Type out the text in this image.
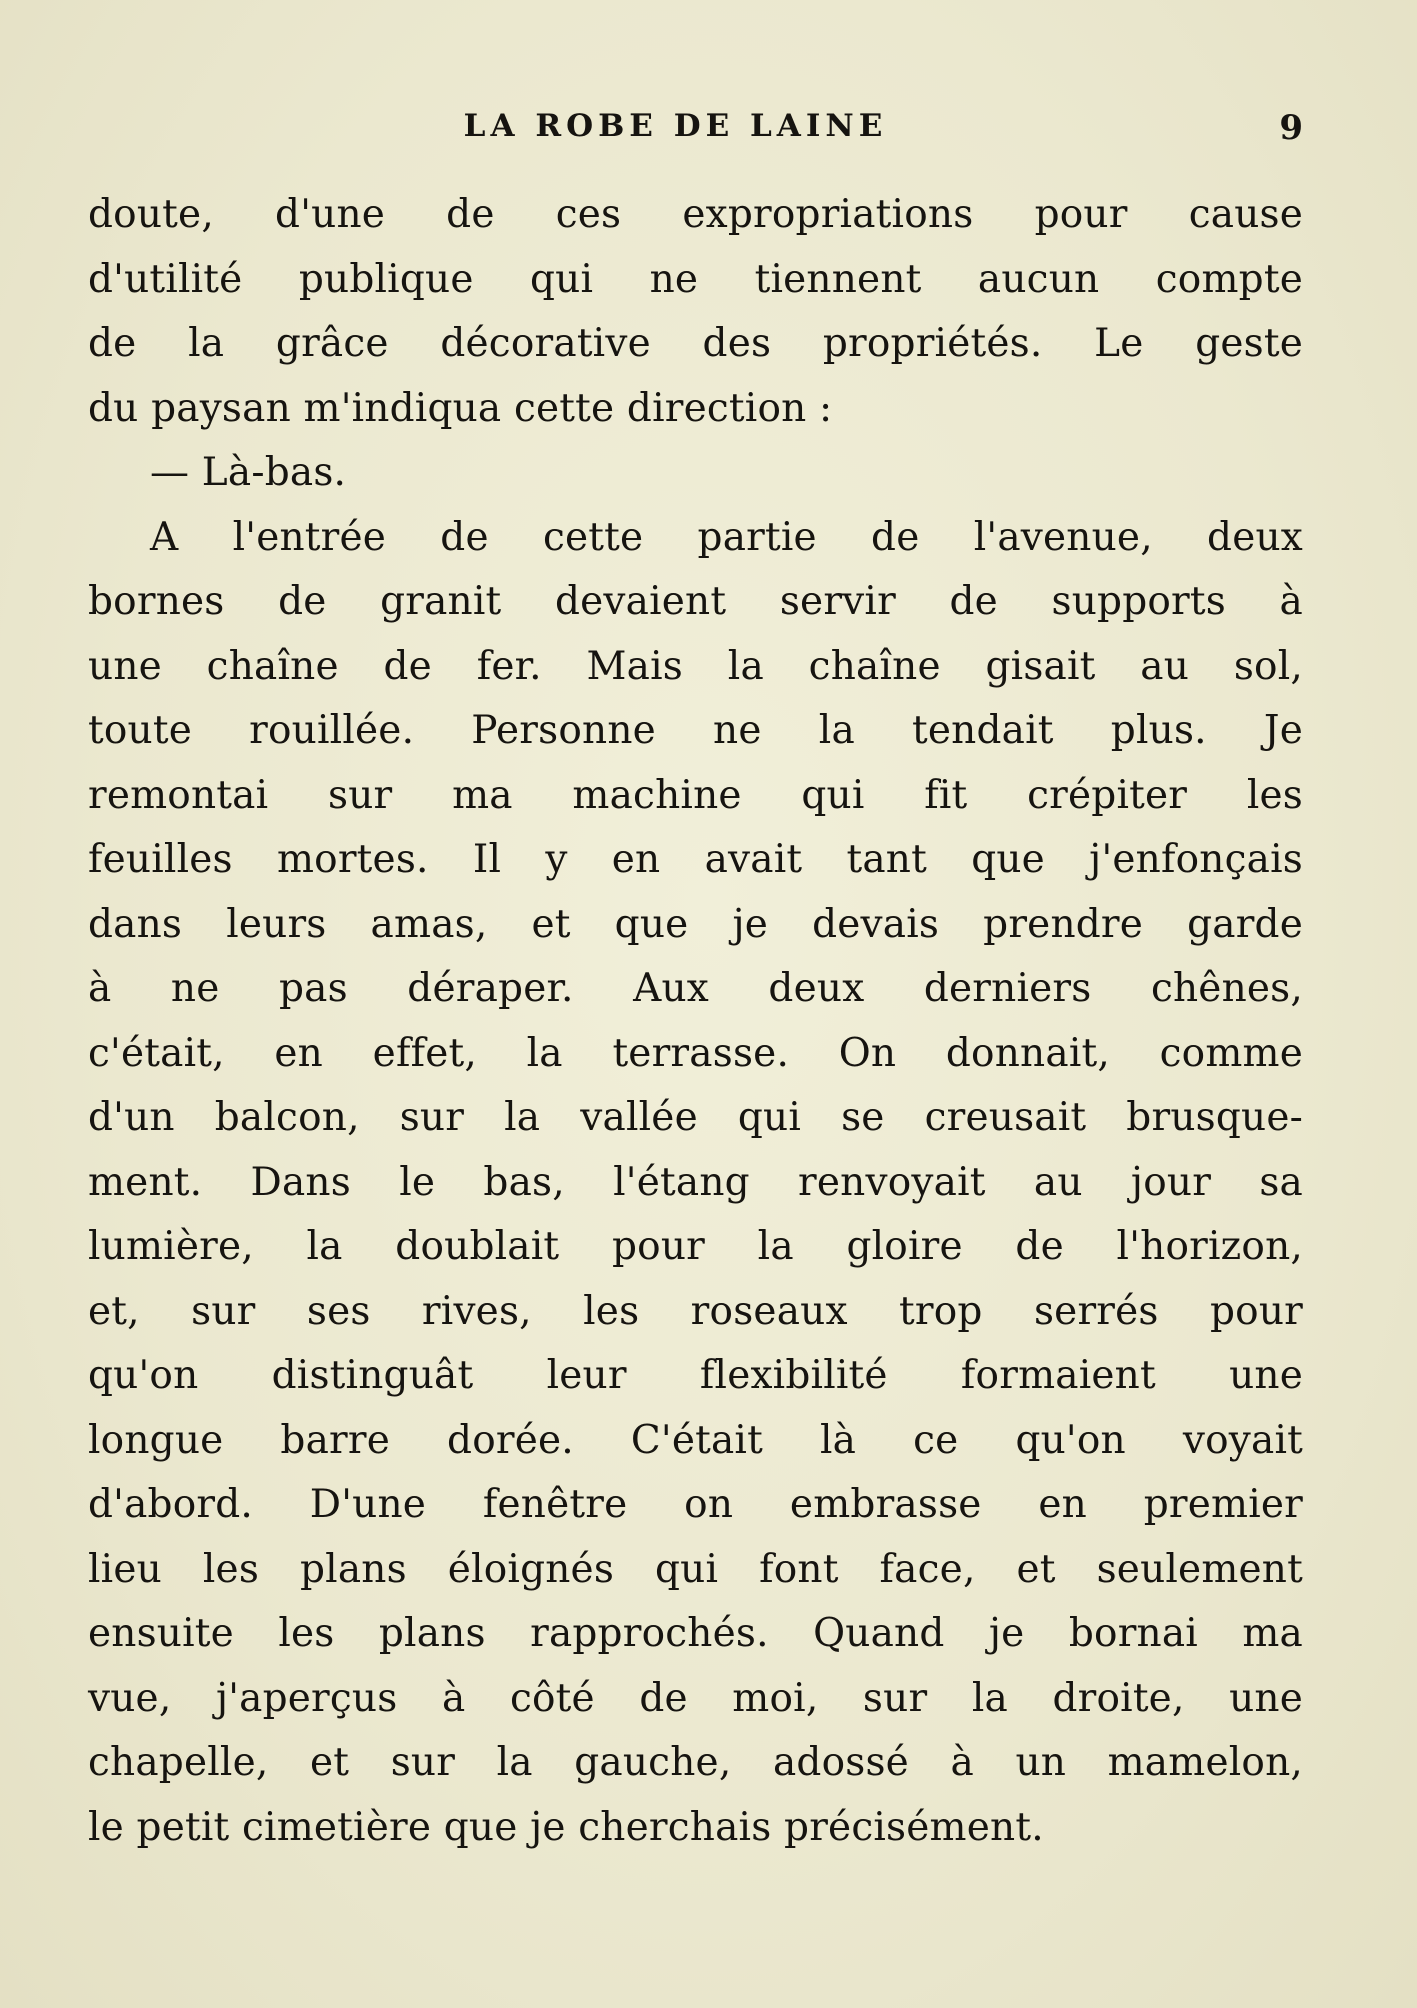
LA ROBE DE LAINE	9
doute, d'une de ces expropriations pour cause
d'utilité publique qui ne tiennent aucun compte
de la grâce décorative des propriétés. Le geste
du paysan m'indiqua cette direction :
— Là-bas.
A l'entrée de cette partie de l'avenue, deux
bornes de granit devaient servir de supports à
une chaîne de fer. Mais la chaîne gisait au sol,
toute rouillée. Personne ne la tendait plus. Je
remontai sur ma machine qui fit crépiter les
feuilles mortes. Il y en avait tant que j'enfonçais
dans leurs amas, et que je devais prendre garde
à ne pas déraper. Aux deux derniers chênes,
c'était, en effet, la terrasse. On donnait, comme
d'un balcon, sur la vallée qui se creusait brusque-
ment. Dans le bas, l'étang renvoyait au jour sa
lumière, la doublait pour la gloire de l'horizon,
et, sur ses rives, les roseaux trop serrés pour
qu'on distinguât leur flexibilité formaient une
longue barre dorée. C'était là ce qu'on voyait
d'abord. D'une fenêtre on embrasse en premier
lieu les plans éloignés qui font face, et seulement
ensuite les plans rapprochés. Quand je bornai ma
vue, j'aperçus à côté de moi, sur la droite, une
chapelle, et sur la gauche, adossé à un mamelon,
le petit cimetière que je cherchais précisément.
